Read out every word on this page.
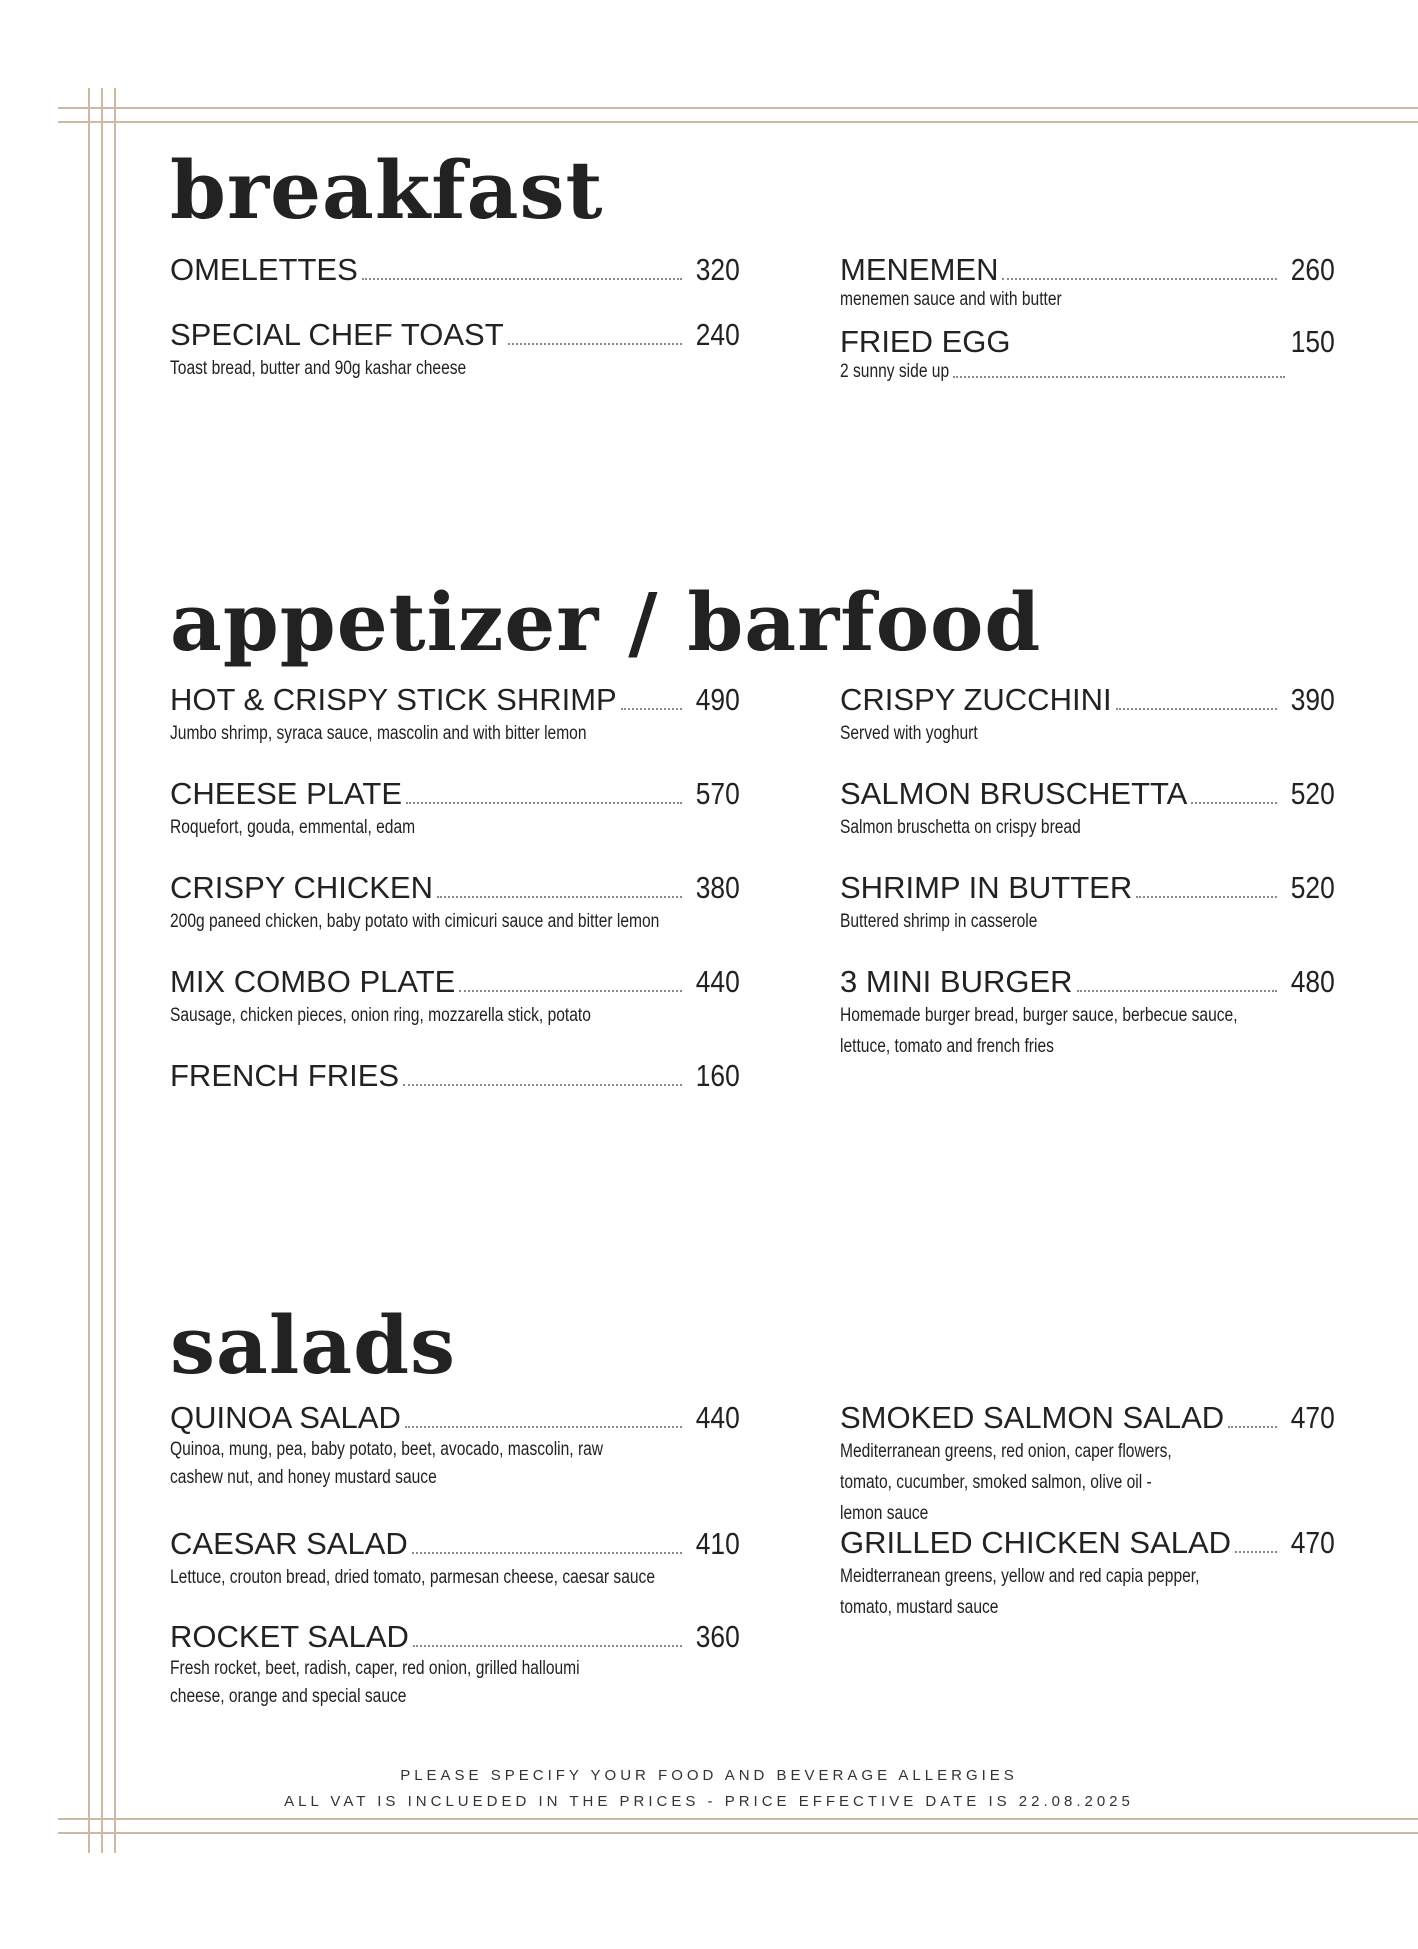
breakfast
OMELETTES	320
SPECIAL CHEF TOAST	240
Toast bread, butter and 90g kashar cheese
MENEMEN	260
menemen sauce and with butter
FRIED EGG	150
2 sunny side up
appetizer / barfood
HOT & CRISPY STICK SHRIMP	490
Jumbo shrimp, syraca sauce, mascolin and with bitter lemon
CHEESE PLATE	570
Roquefort, gouda, emmental, edam
CRISPY CHICKEN	380
200g paneed chicken, baby potato with cimicuri sauce and bitter lemon
MIX COMBO PLATE	440
Sausage, chicken pieces, onion ring, mozzarella stick, potato
FRENCH FRIES	160
CRISPY ZUCCHINI	390
Served with yoghurt
SALMON BRUSCHETTA	520
Salmon bruschetta on crispy bread
SHRIMP IN BUTTER	520
Buttered shrimp in casserole
3 MINI BURGER	480
Homemade burger bread, burger sauce, berbecue sauce, lettuce, tomato and french fries
salads
QUINOA SALAD	440
Quinoa, mung, pea, baby potato, beet, avocado, mascolin, raw cashew nut, and honey mustard sauce
CAESAR SALAD	410
Lettuce, crouton bread, dried tomato, parmesan cheese, caesar sauce
ROCKET SALAD	360
Fresh rocket, beet, radish, caper, red onion, grilled halloumi cheese, orange and special sauce
SMOKED SALMON SALAD 470
Mediterranean greens, red onion, caper flowers, tomato, cucumber, smoked salmon, olive oil - lemon sauce
GRILLED CHICKEN SALAD 470
Meidterranean greens, yellow and red capia pepper, tomato, mustard sauce
PLEASE SPECIFY YOUR FOOD AND BEVERAGE ALLERGIES
ALL VAT IS INCLUEDED IN THE PRICES - PRICE EFFECTIVE DATE IS 22.08.2025
